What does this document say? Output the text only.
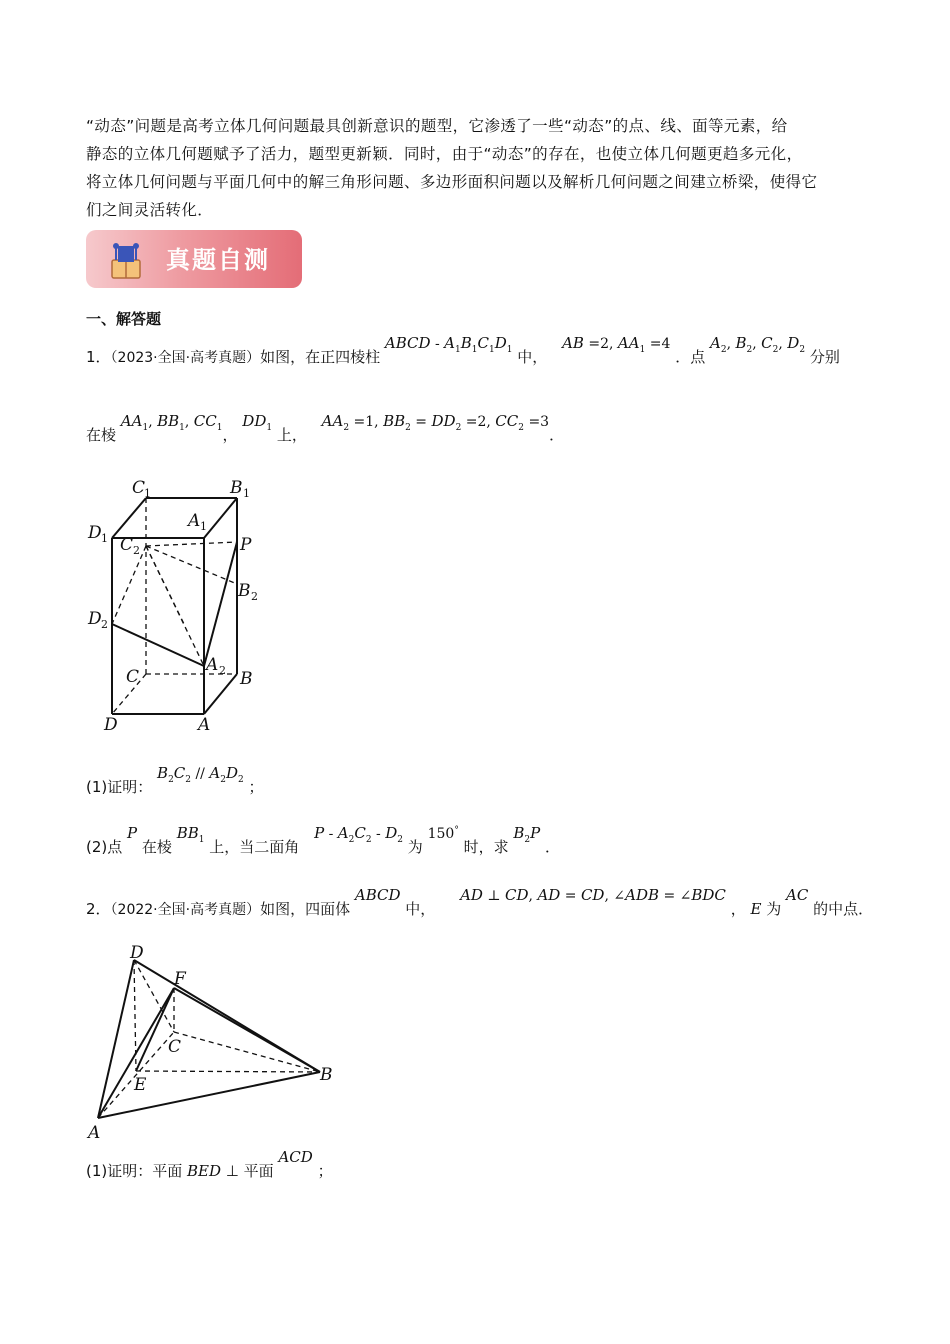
“动态”问题是高考立体几何问题最具创新意识的题型，它渗透了一些“动态”的点、线、面等元素，给

静态的立体几何题赋予了活力，题型更新颖．同时，由于“动态”的存在，也使立体几何题更趋多元化，

将立体几何问题与平面几何中的解三角形问题、多边形面积问题以及解析几何问题之间建立桥梁，使得它

们之间灵活转化．

真题自测
一、解答题
1．（2023·全国·高考真题）如图，在正四棱柱 ABCD - $A_1B_1C_1D_1$ 中， AB =2, $AA_1 =4$ ．点 $A_2$, $B_2$, $C_2$, $D_2$ 分别
在棱 $AA_1$, $BB_1$, $CC_1$， $DD_1$ 上， $AA_2 =1$, $BB_2 = DD_2 =2$, $CC_2 =3$．
C
1	B 1
A 1
D 1 C 2	P
B 2
D 2
A 2
C	B
D	A
(1)证明： $B_2C_2 // A_2D_2$ ；
(2)点 P 在棱 $BB_1$ 上，当二面角 P - $A_2C_2 - D_2$ 为 150° 时，求 $B_2P$ ．
2．（2022·全国·高考真题）如图，四面体 ABCD 中， AD ⊥ CD, AD = CD, ∠ADB = ∠BDC ， E 为 AC 的中点．
D
F
C
E	B
A
(1)证明：平面 BED ⊥ 平面 ACD ；
